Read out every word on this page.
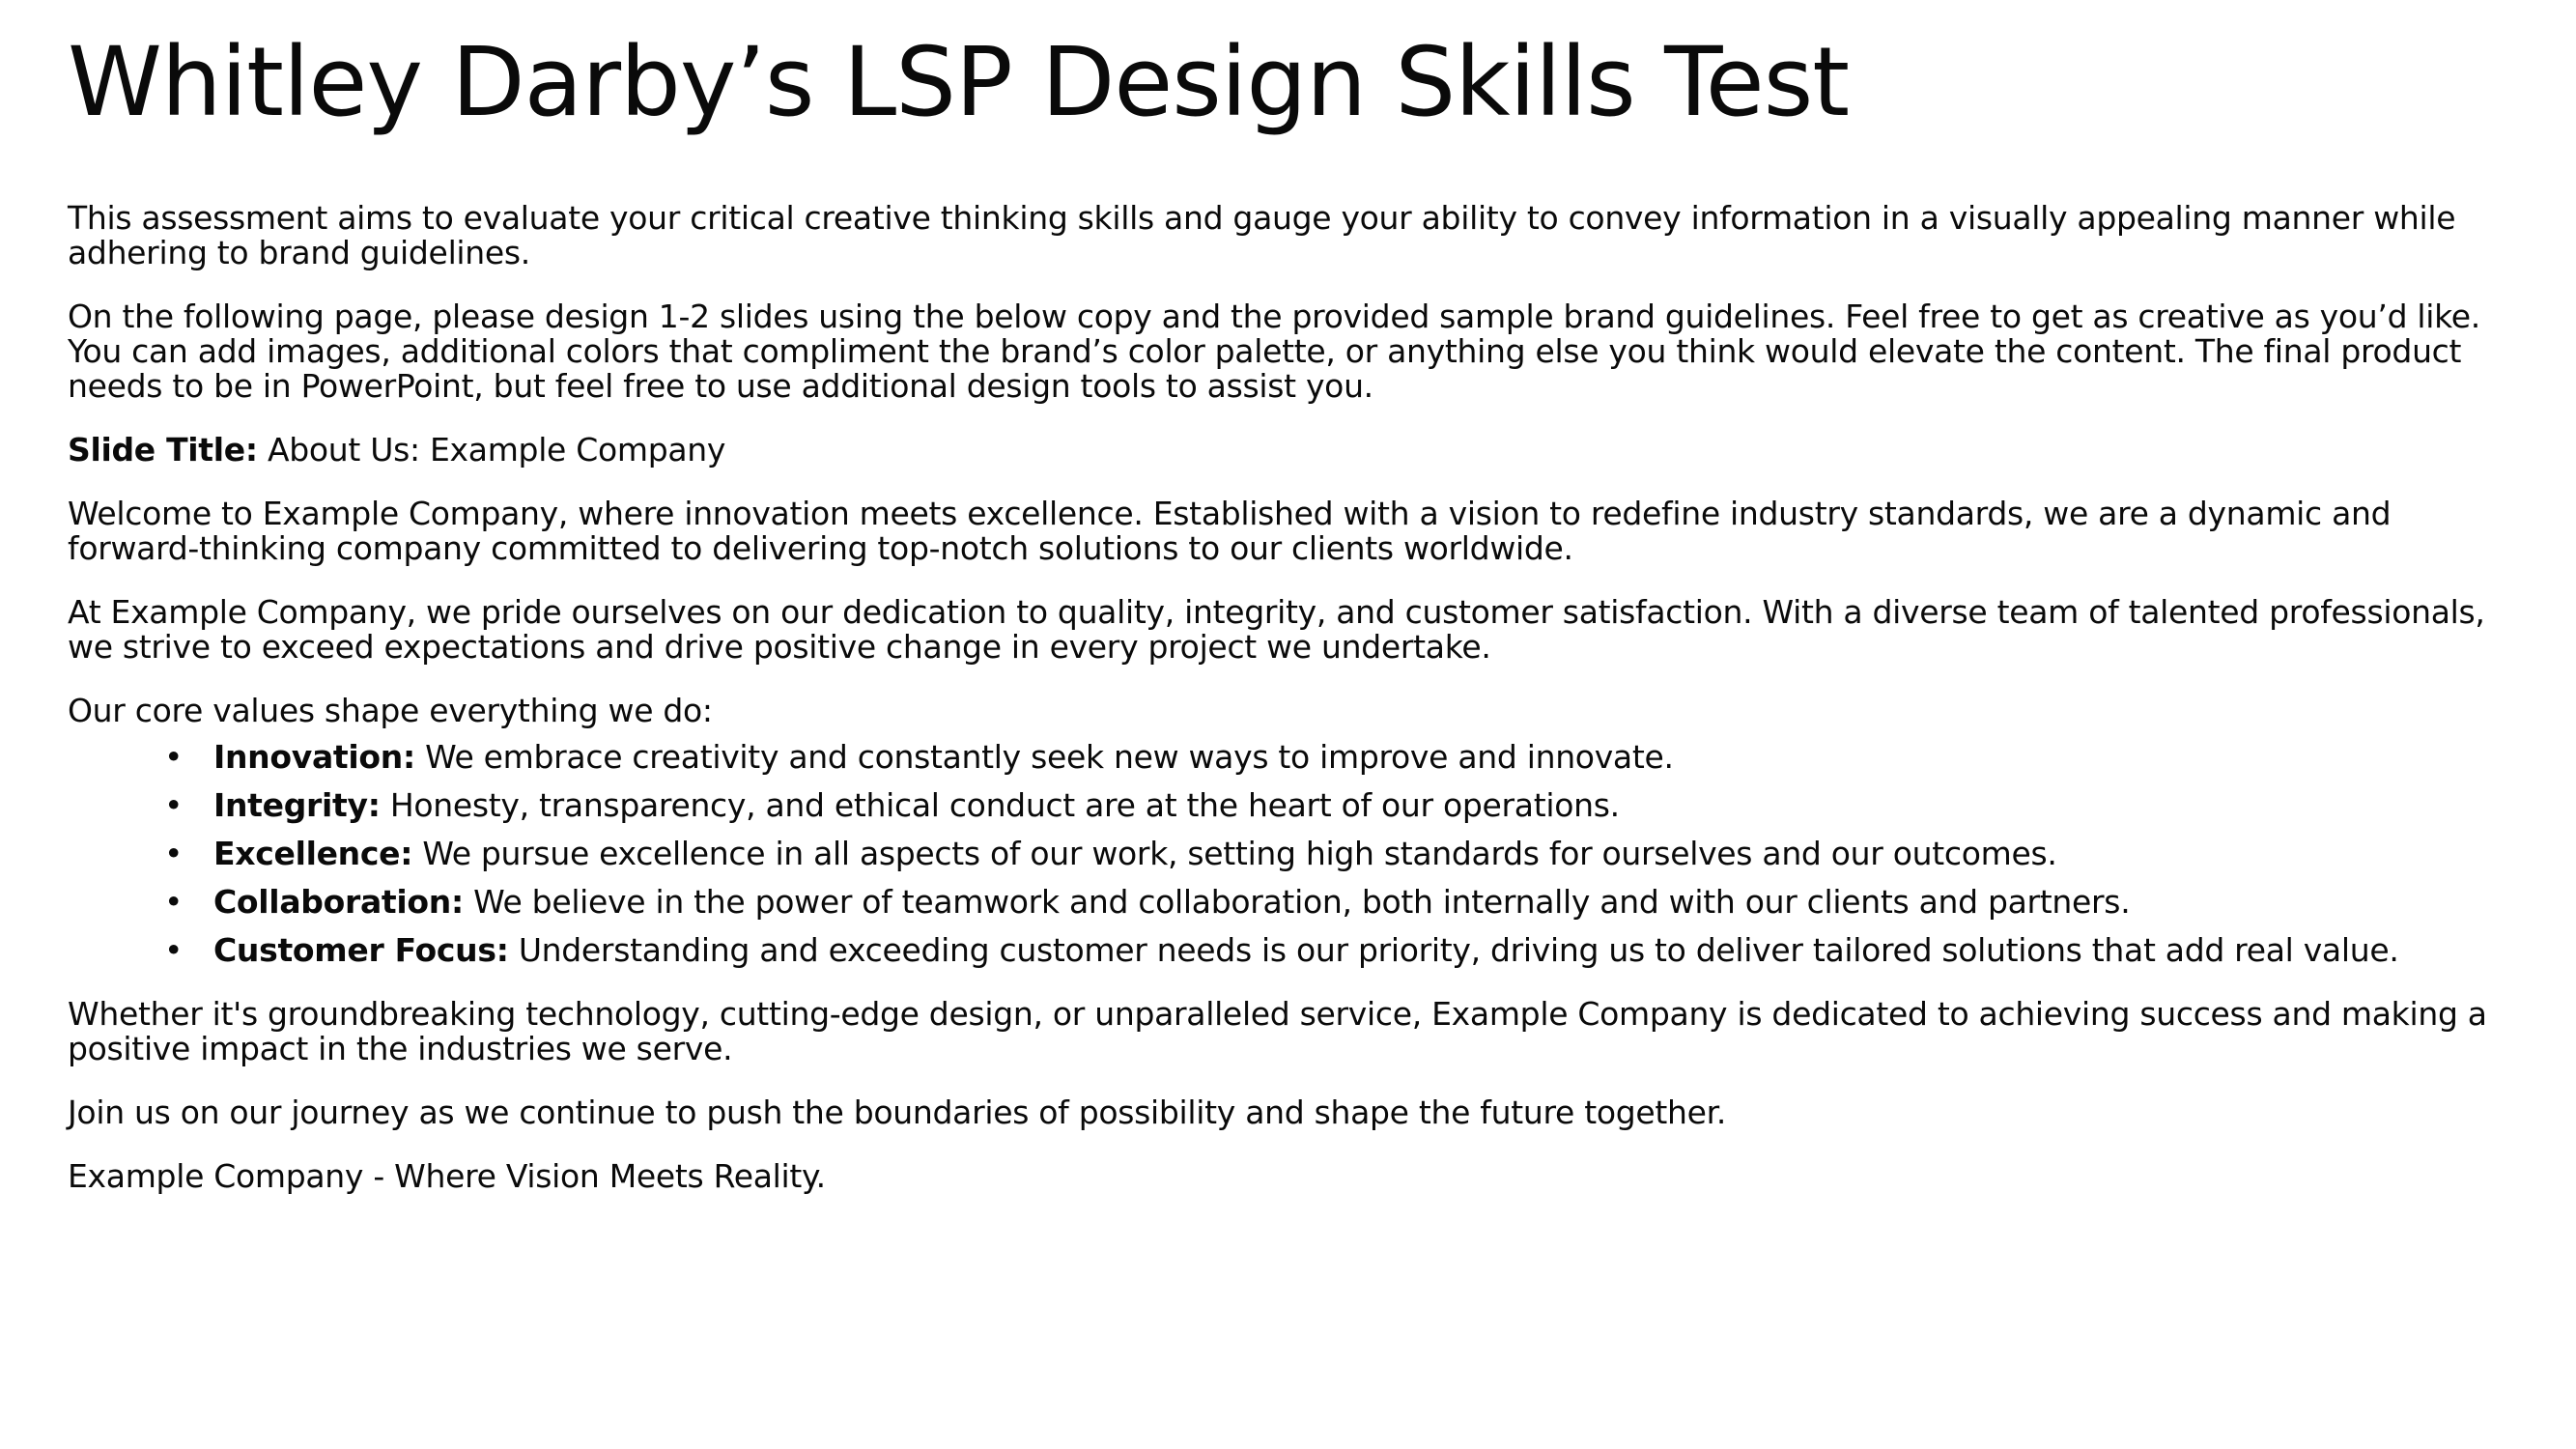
Whitley Darby’s LSP Design Skills Test

This assessment aims to evaluate your critical creative thinking skills and gauge your ability to convey information in a visually appealing manner while adhering to brand guidelines.

On the following page, please design 1-2 slides using the below copy and the provided sample brand guidelines. Feel free to get as creative as you’d like. You can add images, additional colors that compliment the brand’s color palette, or anything else you think would elevate the content. The final product needs to be in PowerPoint, but feel free to use additional design tools to assist you.

Slide Title: About Us: Example Company

Welcome to Example Company, where innovation meets excellence. Established with a vision to redefine industry standards, we are a dynamic and forward-thinking company committed to delivering top-notch solutions to our clients worldwide.

At Example Company, we pride ourselves on our dedication to quality, integrity, and customer satisfaction. With a diverse team of talented professionals, we strive to exceed expectations and drive positive change in every project we undertake.

Our core values shape everything we do:

• Innovation: We embrace creativity and constantly seek new ways to improve and innovate.
• Integrity: Honesty, transparency, and ethical conduct are at the heart of our operations.
• Excellence: We pursue excellence in all aspects of our work, setting high standards for ourselves and our outcomes.
• Collaboration: We believe in the power of teamwork and collaboration, both internally and with our clients and partners.
• Customer Focus: Understanding and exceeding customer needs is our priority, driving us to deliver tailored solutions that add real value.

Whether it's groundbreaking technology, cutting-edge design, or unparalleled service, Example Company is dedicated to achieving success and making a positive impact in the industries we serve.

Join us on our journey as we continue to push the boundaries of possibility and shape the future together.

Example Company - Where Vision Meets Reality.
